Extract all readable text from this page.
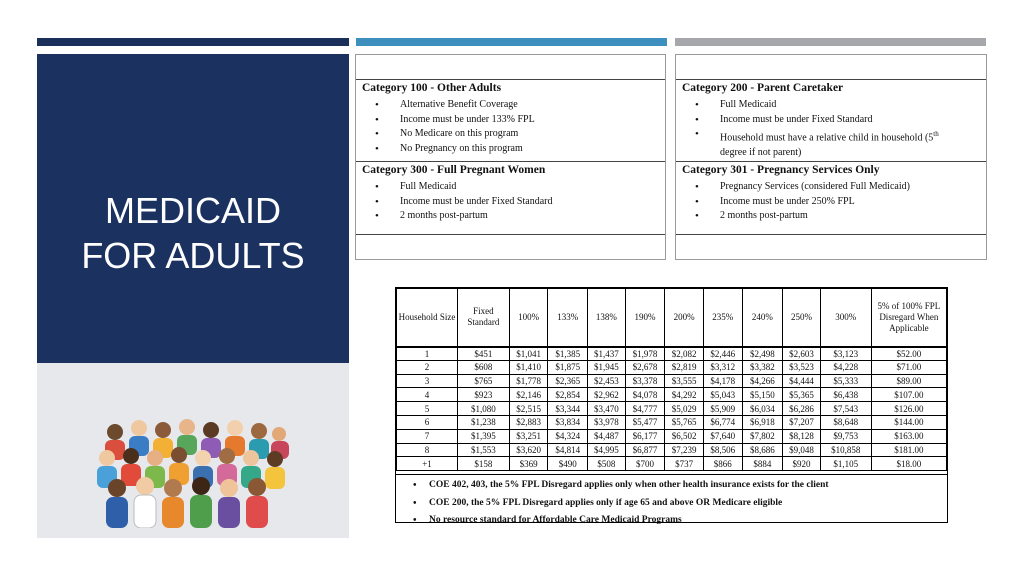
MEDICAID
FOR ADULTS
Category 100 - Other Adults
• Alternative Benefit Coverage
• Income must be under 133% FPL
• No Medicare on this program
• No Pregnancy on this program
Category 300 - Full Pregnant Women
• Full Medicaid
• Income must be under Fixed Standard
• 2 months post-partum
Category 200 - Parent Caretaker
• Full Medicaid
• Income must be under Fixed Standard
• Household must have a relative child in household (5th
degree if not parent)
Category 301 - Pregnancy Services Only
• Pregnancy Services (considered Full Medicaid)
• Income must be under 250% FPL
• 2 months post-partum
Household Size	Fixed Standard	100%	133%	138%	190%	200%	235%	240%	250%	300%	5% of 100% FPL Disregard When Applicable
1	$451	$1,041	$1,385	$1,437	$1,978	$2,082	$2,446	$2,498	$2,603	$3,123	$52.00
2	$608	$1,410	$1,875	$1,945	$2,678	$2,819	$3,312	$3,382	$3,523	$4,228	$71.00
3	$765	$1,778	$2,365	$2,453	$3,378	$3,555	$4,178	$4,266	$4,444	$5,333	$89.00
4	$923	$2,146	$2,854	$2,962	$4,078	$4,292	$5,043	$5,150	$5,365	$6,438	$107.00
5	$1,080	$2,515	$3,344	$3,470	$4,777	$5,029	$5,909	$6,034	$6,286	$7,543	$126.00
6	$1,238	$2,883	$3,834	$3,978	$5,477	$5,765	$6,774	$6,918	$7,207	$8,648	$144.00
7	$1,395	$3,251	$4,324	$4,487	$6,177	$6,502	$7,640	$7,802	$8,128	$9,753	$163.00
8	$1,553	$3,620	$4,814	$4,995	$6,877	$7,239	$8,506	$8,686	$9,048	$10,858	$181.00
+1	$158	$369	$490	$508	$700	$737	$866	$884	$920	$1,105	$18.00
• COE 402, 403, the 5% FPL Disregard applies only when other health insurance exists for the client
• COE 200, the 5% FPL Disregard applies only if age 65 and above OR Medicare eligible
• No resource standard for Affordable Care Medicaid Programs
